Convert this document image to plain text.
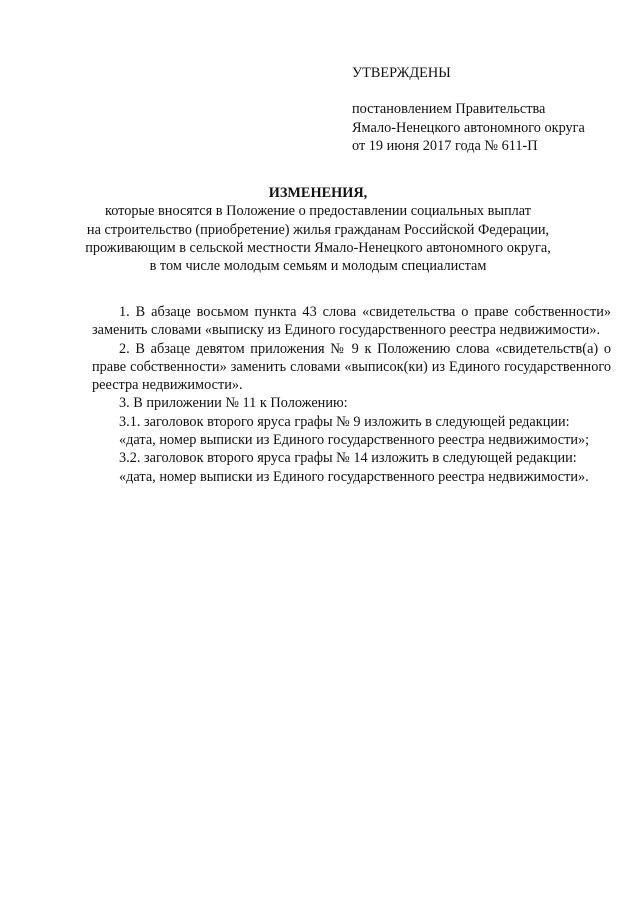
УТВЕРЖДЕНЫ
постановлением Правительства
Ямало-Ненецкого автономного округа
от 19 июня 2017 года № 611-П
ИЗМЕНЕНИЯ,
которые вносятся в Положение о предоставлении социальных выплат
на строительство (приобретение) жилья гражданам Российской Федерации,
проживающим в сельской местности Ямало-Ненецкого автономного округа,
в том числе молодым семьям и молодым специалистам

1. В абзаце восьмом пункта 43 слова «свидетельства о праве собственности» заменить словами «выписку из Единого государственного реестра недвижимости».

2. В абзаце девятом приложения № 9 к Положению слова «свидетельств(а) о праве собственности» заменить словами «выписок(ки) из Единого государственного реестра недвижимости».

3. В приложении № 11 к Положению:

3.1. заголовок второго яруса графы № 9 изложить в следующей редакции:

«дата, номер выписки из Единого государственного реестра недвижимости»;

3.2. заголовок второго яруса графы № 14 изложить в следующей редакции:

«дата, номер выписки из Единого государственного реестра недвижимости».
